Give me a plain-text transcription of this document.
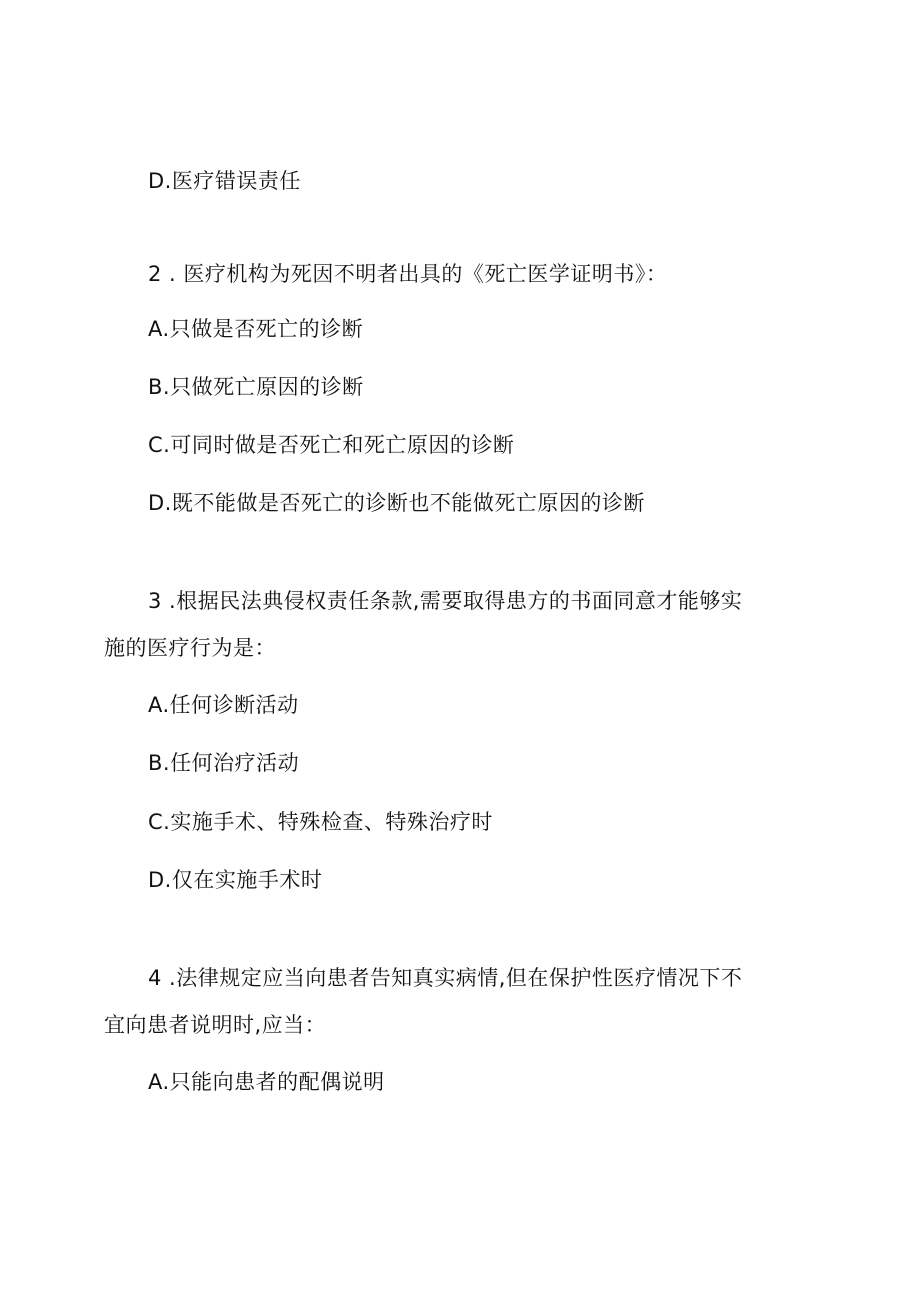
D.医疗错误责任
2 . 医疗机构为死因不明者出具的《死亡医学证明书》：
A.只做是否死亡的诊断
B.只做死亡原因的诊断
C.可同时做是否死亡和死亡原因的诊断
D.既不能做是否死亡的诊断也不能做死亡原因的诊断
3 .根据民法典侵权责任条款,需要取得患方的书面同意才能够实
施的医疗行为是：
A.任何诊断活动
B.任何治疗活动
C.实施手术、特殊检查、特殊治疗时
D.仅在实施手术时
4 .法律规定应当向患者告知真实病情,但在保护性医疗情况下不
宜向患者说明时,应当：
A.只能向患者的配偶说明
